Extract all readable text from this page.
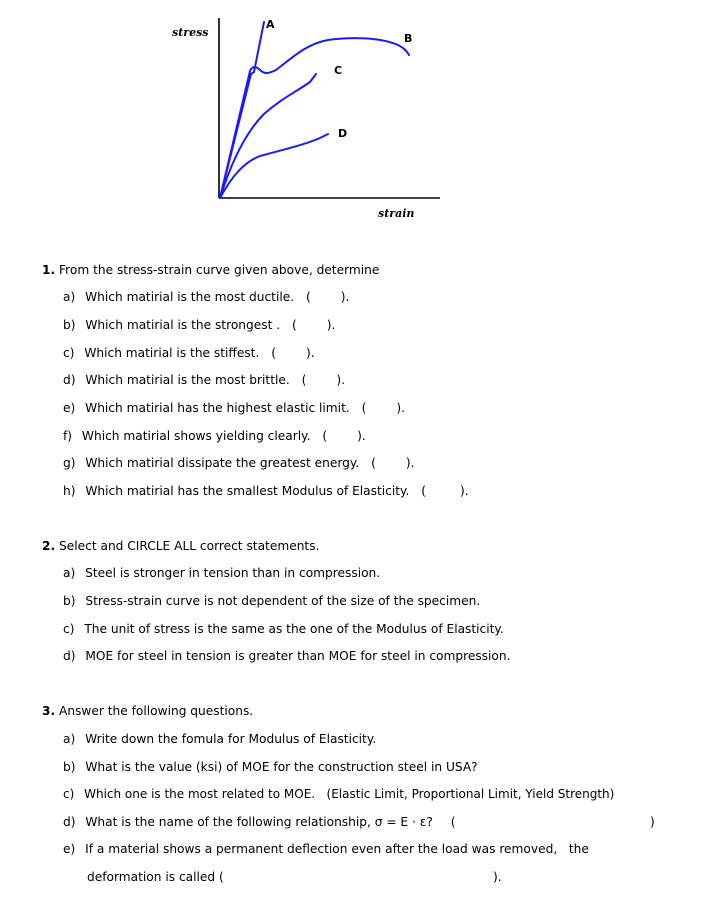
stress
strain
A
B
C
D
1. From the stress-strain curve given above, determine
a) Which matirial is the most ductile. ( ).
b) Which matirial is the strongest . ( ).
c) Which matirial is the stiffest. ( ).
d) Which matirial is the most brittle. ( ).
e) Which matirial has the highest elastic limit. ( ).
f) Which matirial shows yielding clearly. ( ).
g) Which matirial dissipate the greatest energy. ( ).
h) Which matirial has the smallest Modulus of Elasticity. (	).
2. Select and CIRCLE ALL correct statements.
a) Steel is stronger in tension than in compression.
b) Stress-strain curve is not dependent of the size of the specimen.
c) The unit of stress is the same as the one of the Modulus of Elasticity.
d) MOE for steel in tension is greater than MOE for steel in compression.
3. Answer the following questions.
a) Write down the fomula for Modulus of Elasticity.
b) What is the value (ksi) of MOE for the construction steel in USA?
c) Which one is the most related to MOE.   (Elastic Limit, Proportional Limit, Yield Strength)
d) What is the name of the following relationship, σ = E · ε? (	)
e) If a material shows a permanent deflection even after the load was removed,   the
deformation is called (	).
